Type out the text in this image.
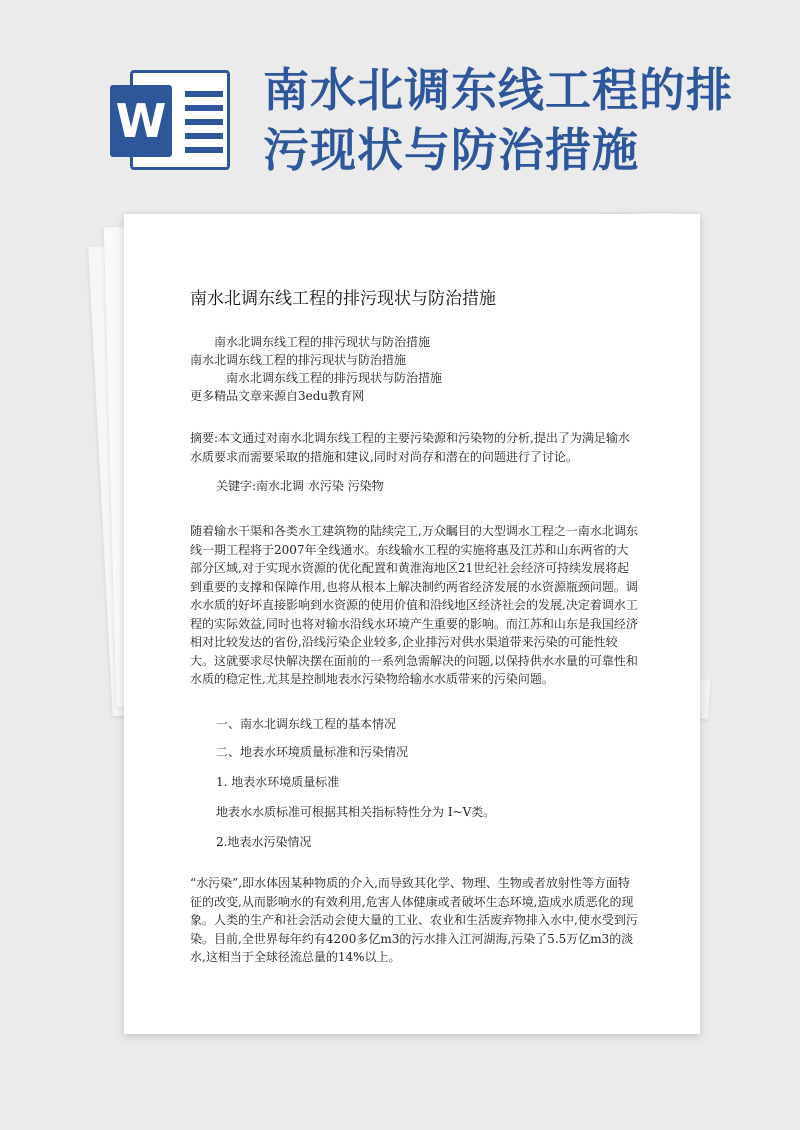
W
南水北调东线工程的排
污现状与防治措施
南水北调东线工程的排污现状与防治措施
南水北调东线工程的排污现状与防治措施
南水北调东线工程的排污现状与防治措施
南水北调东线工程的排污现状与防治措施
更多精品文章来源自3edu教育网
摘要:本文通过对南水北调东线工程的主要污染源和污染物的分析,提出了为满足输水水质要求而需要采取的措施和建议,同时对尚存和潜在的问题进行了讨论。
关键字:南水北调 水污染 污染物
随着输水干渠和各类水工建筑物的陆续完工,万众瞩目的大型调水工程之一南水北调东线一期工程将于2007年全线通水。东线输水工程的实施将惠及江苏和山东两省的大部分区域,对于实现水资源的优化配置和黄淮海地区21世纪社会经济可持续发展将起到重要的支撑和保障作用,也将从根本上解决制约两省经济发展的水资源瓶颈问题。调水水质的好坏直接影响到水资源的使用价值和沿线地区经济社会的发展,决定着调水工程的实际效益,同时也将对输水沿线水环境产生重要的影响。而江苏和山东是我国经济相对比较发达的省份,沿线污染企业较多,企业排污对供水渠道带来污染的可能性较大。这就要求尽快解决摆在面前的一系列急需解决的问题,以保持供水水量的可靠性和水质的稳定性,尤其是控制地表水污染物给输水水质带来的污染问题。
一、南水北调东线工程的基本情况
二、地表水环境质量标准和污染情况
1. 地表水环境质量标准
地表水水质标准可根据其相关指标特性分为 Ⅰ~Ⅴ类。
2.地表水污染情况
“水污染”,即水体因某种物质的介入,而导致其化学、物理、生物或者放射性等方面特征的改变,从而影响水的有效利用,危害人体健康或者破坏生态环境,造成水质恶化的现象。人类的生产和社会活动会使大量的工业、农业和生活废弃物排入水中,使水受到污染。目前,全世界每年约有4200多亿m3的污水排入江河湖海,污染了5.5万亿m3的淡水,这相当于全球径流总量的14%以上。
